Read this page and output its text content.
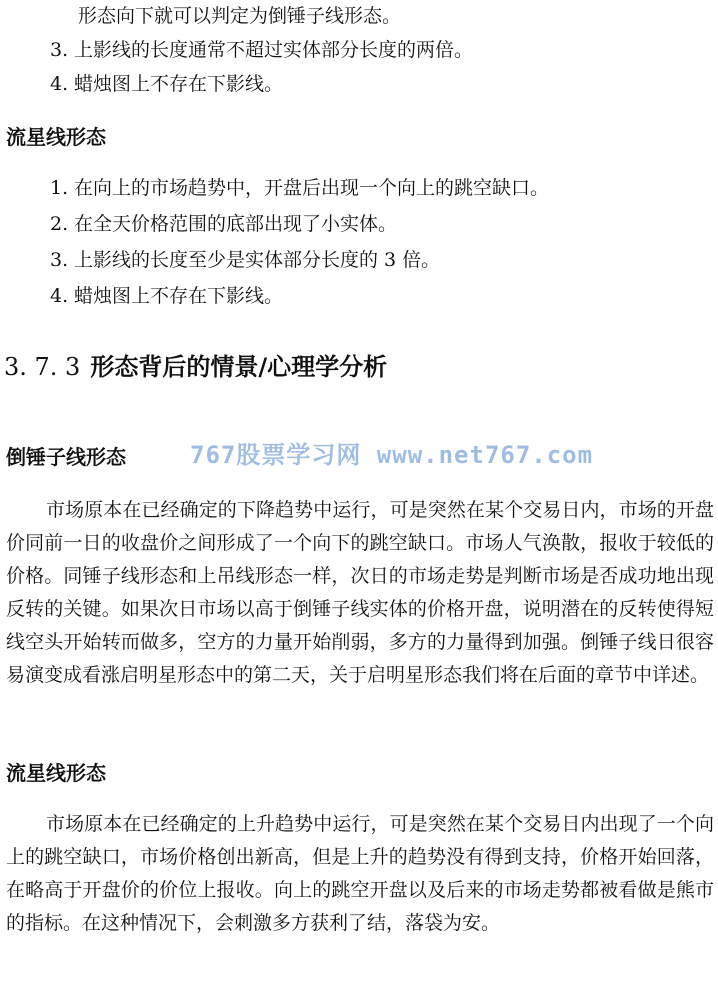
形态向下就可以判定为倒锤子线形态。
3. 上影线的长度通常不超过实体部分长度的两倍。
4. 蜡烛图上不存在下影线。
流星线形态
1. 在向上的市场趋势中，开盘后出现一个向上的跳空缺口。
2. 在全天价格范围的底部出现了小实体。
3. 上影线的长度至少是实体部分长度的 3 倍。
4. 蜡烛图上不存在下影线。
3. 7. 3 形态背后的情景/心理学分析
倒锤子线形态	767股票学习网 www.net767.com
市场原本在已经确定的下降趋势中运行，可是突然在某个交易日内，市场的开盘价同前一日的收盘价之间形成了一个向下的跳空缺口。市场人气涣散，报收于较低的价格。同锤子线形态和上吊线形态一样，次日的市场走势是判断市场是否成功地出现反转的关键。如果次日市场以高于倒锤子线实体的价格开盘，说明潜在的反转使得短线空头开始转而做多，空方的力量开始削弱，多方的力量得到加强。倒锤子线日很容易演变成看涨启明星形态中的第二天，关于启明星形态我们将在后面的章节中详述。
流星线形态
市场原本在已经确定的上升趋势中运行，可是突然在某个交易日内出现了一个向上的跳空缺口，市场价格创出新高，但是上升的趋势没有得到支持，价格开始回落，在略高于开盘价的价位上报收。向上的跳空开盘以及后来的市场走势都被看做是熊市的指标。在这种情况下，会刺激多方获利了结，落袋为安。
